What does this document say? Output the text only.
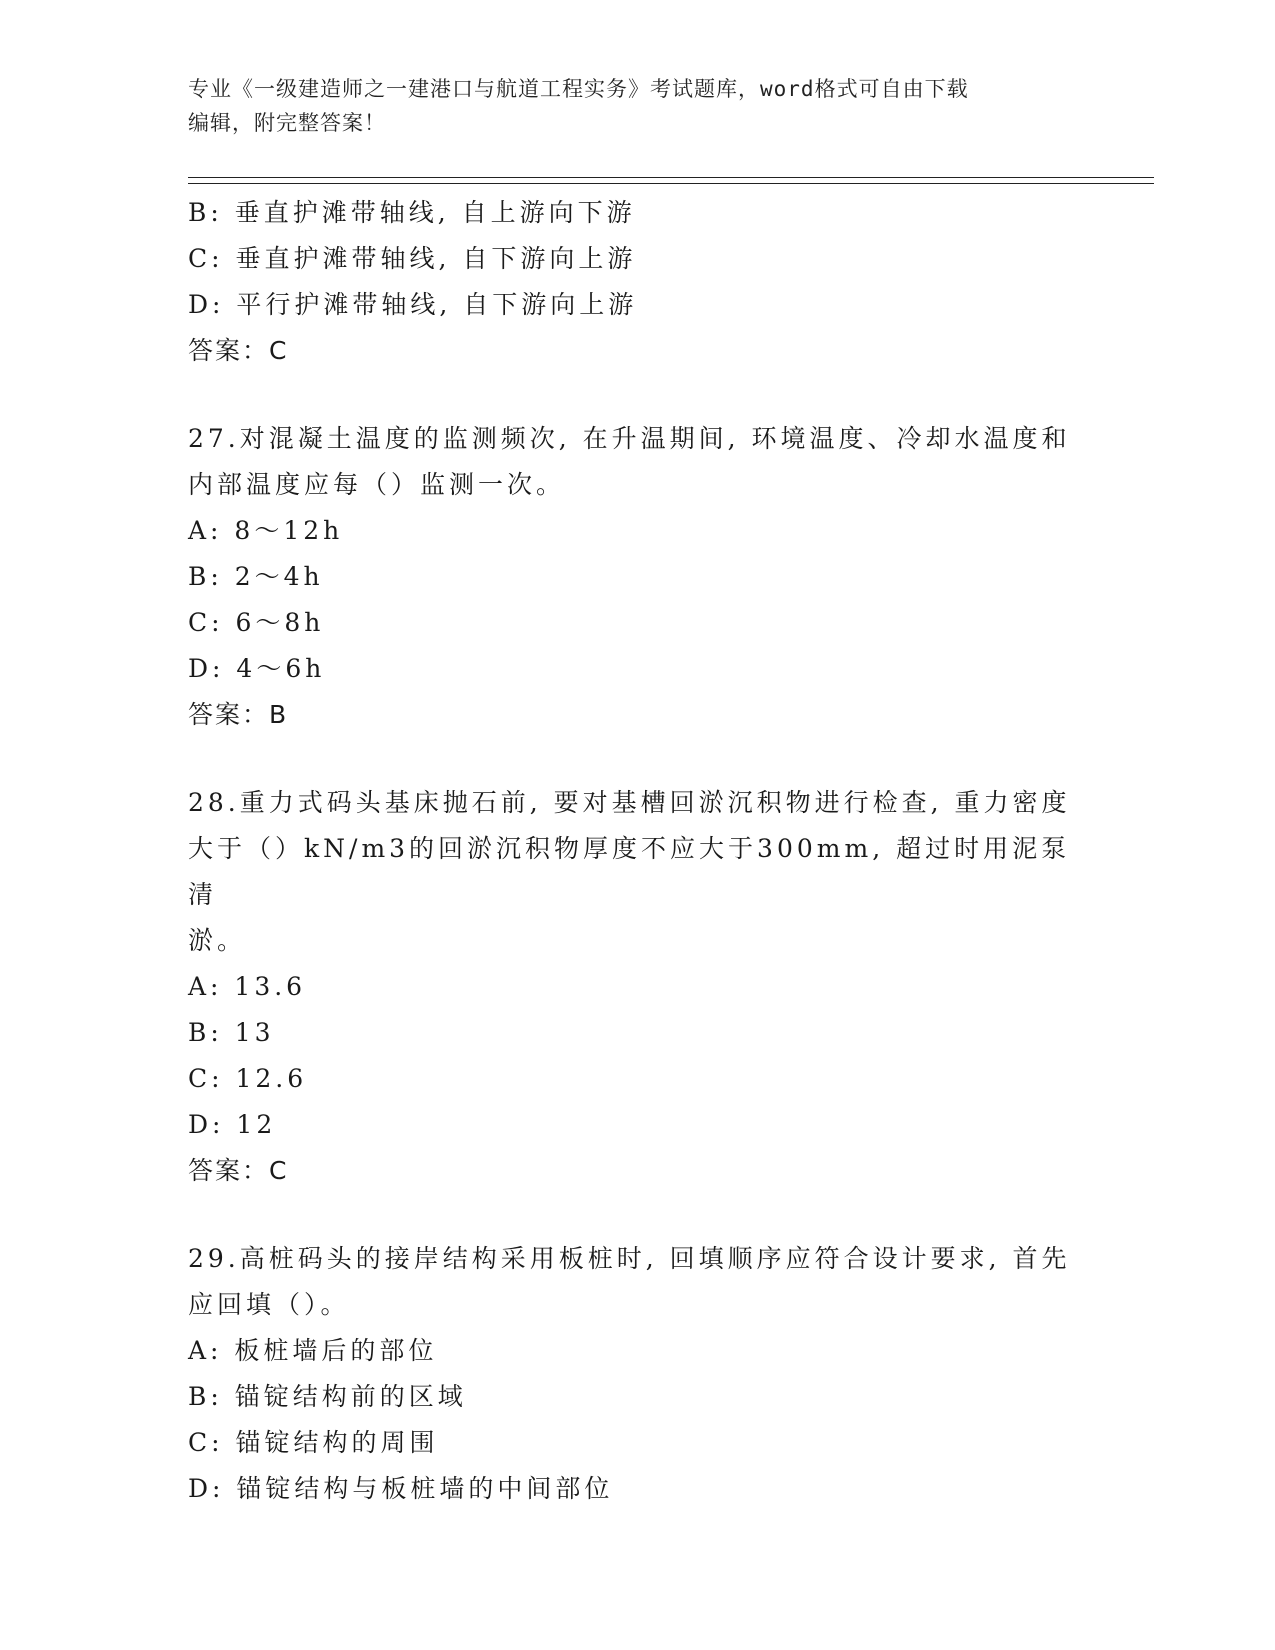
专业《一级建造师之一建港口与航道工程实务》考试题库，word格式可自由下载
编辑，附完整答案！
B: 垂直护滩带轴线, 自上游向下游
C: 垂直护滩带轴线, 自下游向上游
D: 平行护滩带轴线, 自下游向上游
答案：C
27.对混凝土温度的监测频次, 在升温期间, 环境温度、冷却水温度和
内部温度应每（）监测一次。
A: 8～12h
B: 2～4h
C: 6～8h
D: 4～6h
答案：B
28.重力式码头基床抛石前, 要对基槽回淤沉积物进行检查, 重力密度
大于（）kN/m3的回淤沉积物厚度不应大于300mm, 超过时用泥泵清
淤。
A: 13.6
B: 13
C: 12.6
D: 12
答案：C
29.高桩码头的接岸结构采用板桩时, 回填顺序应符合设计要求, 首先
应回填（）。
A: 板桩墙后的部位
B: 锚锭结构前的区域
C: 锚锭结构的周围
D: 锚锭结构与板桩墙的中间部位
